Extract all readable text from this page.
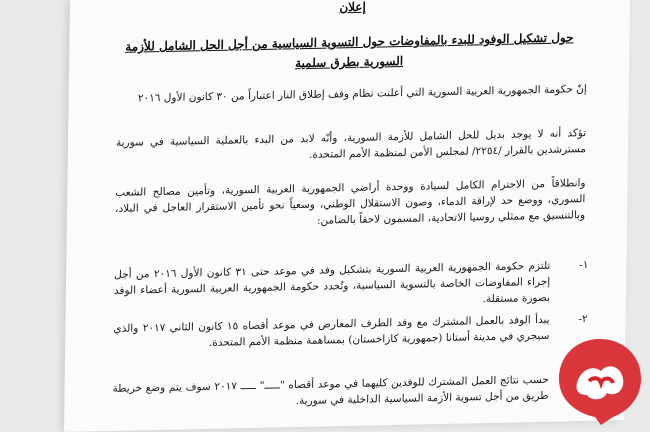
إعلان
حول تشكيل الوفود للبدء بالمفاوضات حول التسوية السياسية من أجل الحل الشامل للأزمة السورية بطرق سلمية
إنّ حكومة الجمهورية العربية السورية التي أعلنت نظام وقف إطلاق النار اعتباراً من ٣٠ كانون الأول ٢٠١٦
تؤكد أنه لا يوجد بديل للحل الشامل للأزمة السورية، وأنّه لابد من البدء بالعملية السياسية في سورية مسترشدين بالقرار /٢٢٥٤/ لمجلس الأمن لمنظمة الأمم المتحدة.
وانطلاقاً من الاحترام الكامل لسيادة ووحدة أراضي الجمهورية العربية السورية، وتأمين مصالح الشعب السوري، ووضع حد لإراقة الدماء، وصون الاستقلال الوطني، وسعياً نحو تأمين الاستقرار العاجل في البلاد، وبالتنسيق مع ممثلي روسيا الاتحادية، المسمون لاحقاً بالضامن:
١-
تلتزم حكومة الجمهورية العربية السورية بتشكيل وفد في موعد حتى ٣١ كانون الأول ٢٠١٦ من أجل إجراء المفاوضات الخاصة بالتسوية السياسية، وتُحدد حكومة الجمهورية العربية السورية أعضاء الوفد بصورة مستقلة.
٢-
يبدأ الوفد بالعمل المشترك مع وفد الطرف المعارض في موعد أقصاه ١٥ كانون الثاني ٢٠١٧ والذي سيجري في مدينة أستانا (جمهورية كازاخستان) بمساهمة منظمة الأمم المتحدة.
حسب نتائج العمل المشترك للوفدين كليهما في موعد أقصاه "ـــــ" ـــــ ٢٠١٧ سوف يتم وضع خريطة طريق من أجل تسوية الأزمة السياسية الداخلية في سورية.
